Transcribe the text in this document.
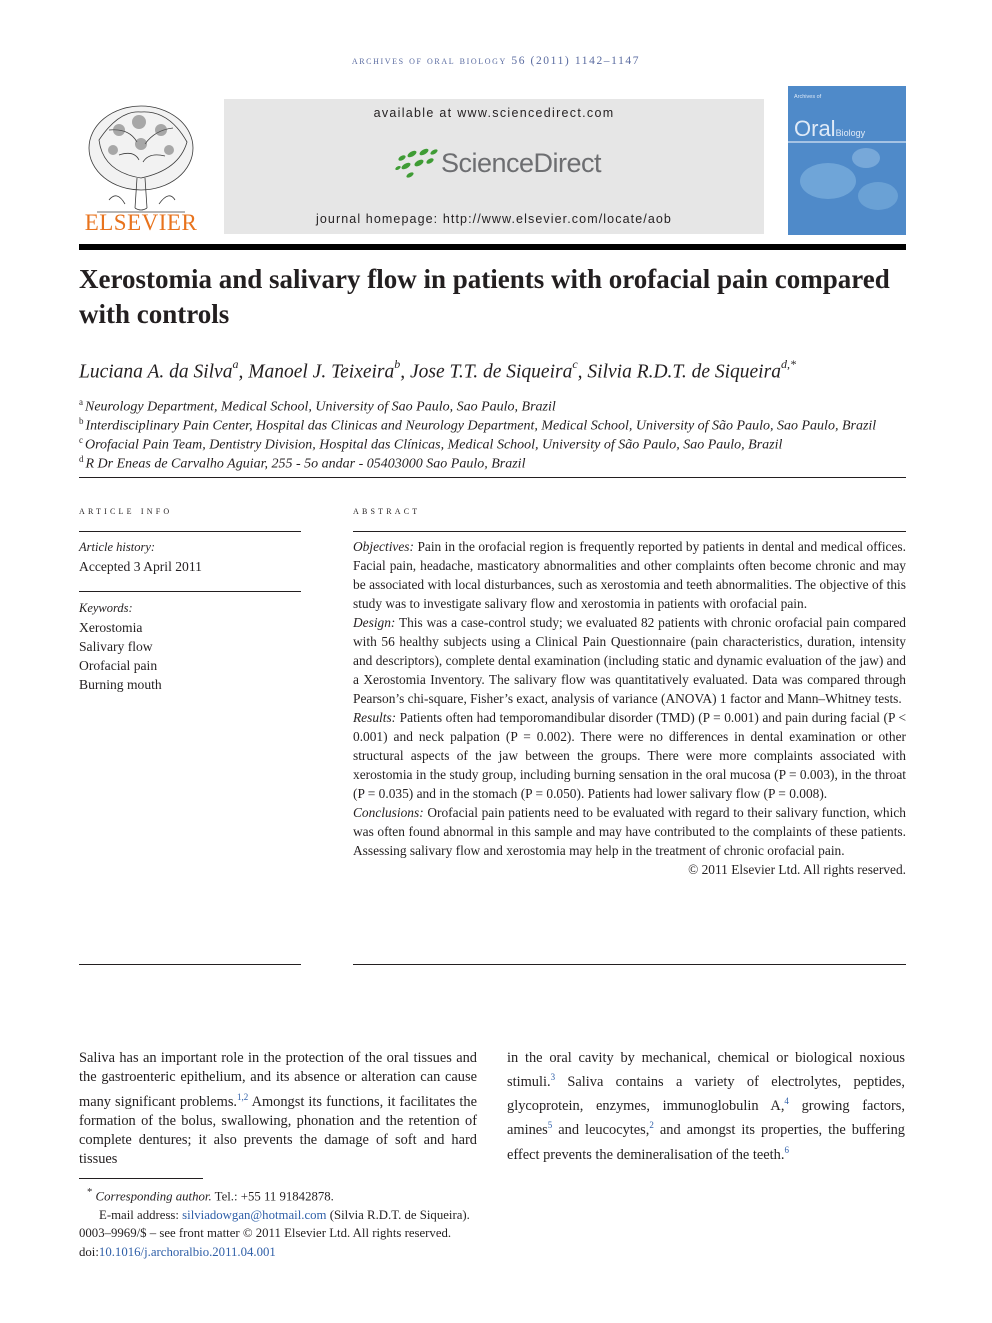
archives of oral biology 56 (2011) 1142–1147
ELSEVIER
available at www.sciencedirect.com
ScienceDirect
journal homepage: http://www.elsevier.com/locate/aob
Archives of
OralBiology
Xerostomia and salivary flow in patients with orofacial pain compared with controls
Luciana A. da Silva$^a$, Manoel J. Teixeira$^b$, Jose T.T. de Siqueira$^c$, Silvia R.D.T. de Siqueira$^{d,*}$
$^a$ Neurology Department, Medical School, University of Sao Paulo, Sao Paulo, Brazil
$^b$ Interdisciplinary Pain Center, Hospital das Clinicas and Neurology Department, Medical School, University of São Paulo, Sao Paulo, Brazil
$^c$ Orofacial Pain Team, Dentistry Division, Hospital das Clínicas, Medical School, University of São Paulo, Sao Paulo, Brazil
$^d$ R Dr Eneas de Carvalho Aguiar, 255 - 5o andar - 05403000 Sao Paulo, Brazil
article info
Article history:
Accepted 3 April 2011
Keywords:
Xerostomia
Salivary flow
Orofacial pain
Burning mouth
abstract

Objectives: Pain in the orofacial region is frequently reported by patients in dental and medical offices. Facial pain, headache, masticatory abnormalities and other complaints often become chronic and may be associated with local disturbances, such as xerostomia and teeth abnormalities. The objective of this study was to investigate salivary flow and xerostomia in patients with orofacial pain.

Design: This was a case-control study; we evaluated 82 patients with chronic orofacial pain compared with 56 healthy subjects using a Clinical Pain Questionnaire (pain characteristics, duration, intensity and descriptors), complete dental examination (including static and dynamic evaluation of the jaw) and a Xerostomia Inventory. The salivary flow was quantitatively evaluated. Data was compared through Pearson’s chi-square, Fisher’s exact, analysis of variance (ANOVA) 1 factor and Mann–Whitney tests.

Results: Patients often had temporomandibular disorder (TMD) (P = 0.001) and pain during facial (P < 0.001) and neck palpation (P = 0.002). There were no differences in dental examination or other structural aspects of the jaw between the groups. There were more complaints associated with xerostomia in the study group, including burning sensation in the oral mucosa (P = 0.003), in the throat (P = 0.035) and in the stomach (P = 0.050). Patients had lower salivary flow (P = 0.008).

Conclusions: Orofacial pain patients need to be evaluated with regard to their salivary function, which was often found abnormal in this sample and may have contributed to the complaints of these patients. Assessing salivary flow and xerostomia may help in the treatment of chronic orofacial pain.

© 2011 Elsevier Ltd. All rights reserved.

Saliva has an important role in the protection of the oral tissues and the gastroenteric epithelium, and its absence or alteration can cause many significant problems.$^{1,2}$ Amongst its functions, it facilitates the formation of the bolus, swallowing, phonation and the retention of complete dentures; it also prevents the damage of soft and hard tissues

in the oral cavity by mechanical, chemical or biological noxious stimuli.$^3$ Saliva contains a variety of electrolytes, peptides, glycoprotein, enzymes, immunoglobulin A,$^4$ growing factors, amines$^5$ and leucocytes,$^2$ and amongst its properties, the buffering effect prevents the demineralisation of the teeth.$^6$

* Corresponding author. Tel.: +55 11 91842878.
E-mail address: silviadowgan@hotmail.com (Silvia R.D.T. de Siqueira).
0003–9969/$ – see front matter © 2011 Elsevier Ltd. All rights reserved.
doi:10.1016/j.archoralbio.2011.04.001
